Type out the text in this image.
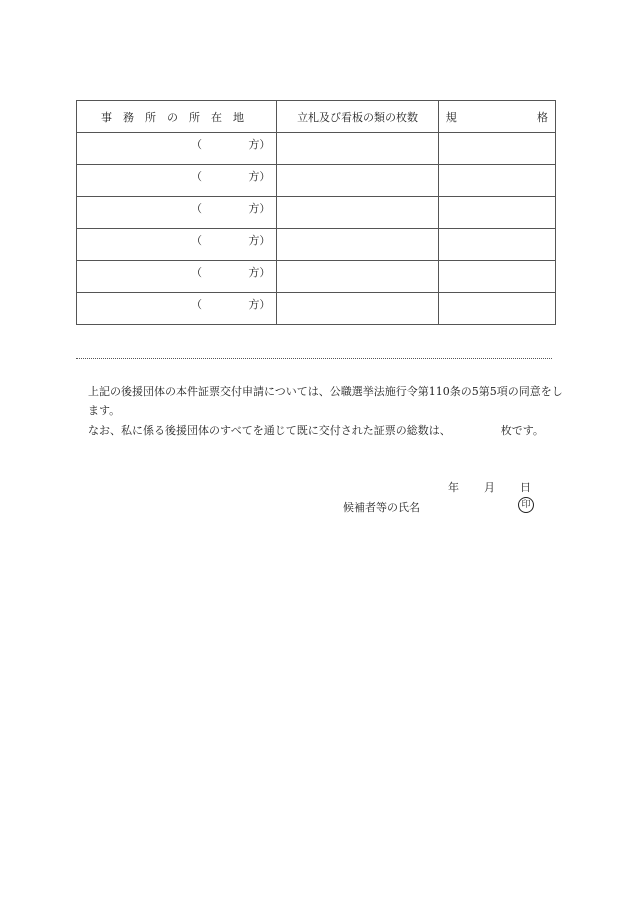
事　務　所　の　所　在　地	立札及び看板の類の枚数	規 格

（ 方）		

（ 方）		

（ 方）		

（ 方）		

（ 方）		

（ 方）		

上記の後援団体の本件証票交付申請については、公職選挙法施行令第110条の5第5項の同意をします。
なお、私に係る後援団体のすべてを通じて既に交付された証票の総数は、	枚です。
年 月 日
候補者等の氏名	印
